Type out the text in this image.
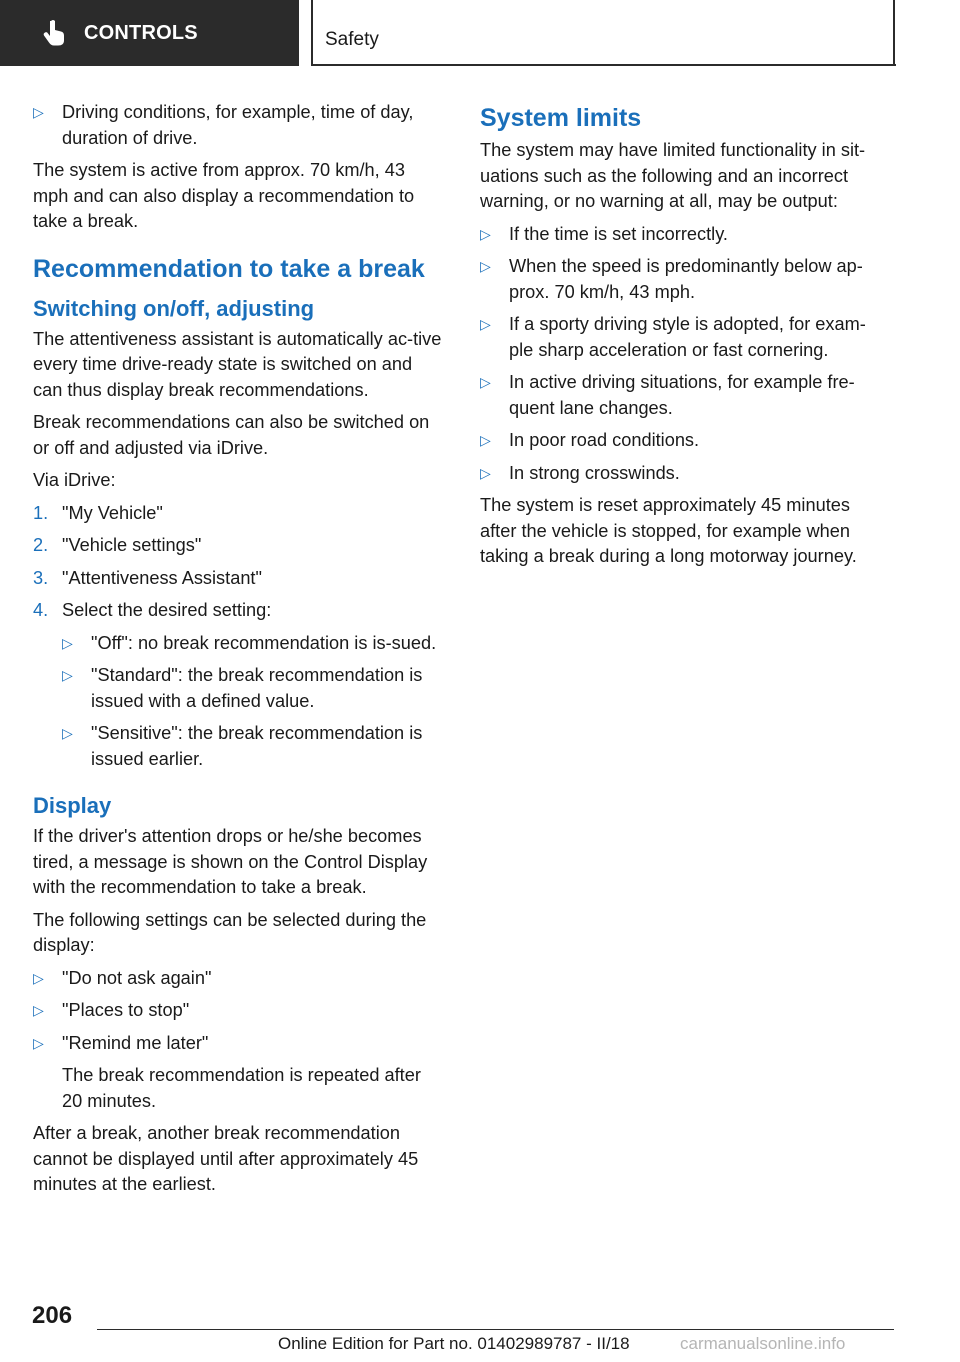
CONTROLS	Safety
▷ Driving conditions, for example, time of day, duration of drive.

The system is active from approx. 70 km/h, 43 mph and can also display a recommendation to take a break.

Recommendation to take a break
Switching on/off, adjusting

The attentiveness assistant is automatically ac‐tive every time drive-ready state is switched on and can thus display break recommendations.

Break recommendations can also be switched on or off and adjusted via iDrive.

Via iDrive:

1. "My Vehicle"
2. "Vehicle settings"
3. "Attentiveness Assistant"
4. Select the desired setting:
▷ "Off": no break recommendation is is‐sued.
▷ "Standard": the break recommendation is issued with a defined value.
▷ "Sensitive": the break recommendation is issued earlier.
Display

If the driver's attention drops or he/she becomes tired, a message is shown on the Control Display with the recommendation to take a break.

The following settings can be selected during the display:

▷ "Do not ask again"
▷ "Places to stop"
▷ "Remind me later"

The break recommendation is repeated after 20 minutes.

After a break, another break recommendation cannot be displayed until after approximately 45 minutes at the earliest.

System limits

The system may have limited functionality in sit‐uations such as the following and an incorrect warning, or no warning at all, may be output:

▷ If the time is set incorrectly.
▷ When the speed is predominantly below ap‐prox. 70 km/h, 43 mph.
▷ If a sporty driving style is adopted, for exam‐ple sharp acceleration or fast cornering.
▷ In active driving situations, for example fre‐quent lane changes.
▷ In poor road conditions.
▷ In strong crosswinds.

The system is reset approximately 45 minutes after the vehicle is stopped, for example when taking a break during a long motorway journey.

206
Online Edition for Part no. 01402989787 - II/18	carmanualsonline.info
